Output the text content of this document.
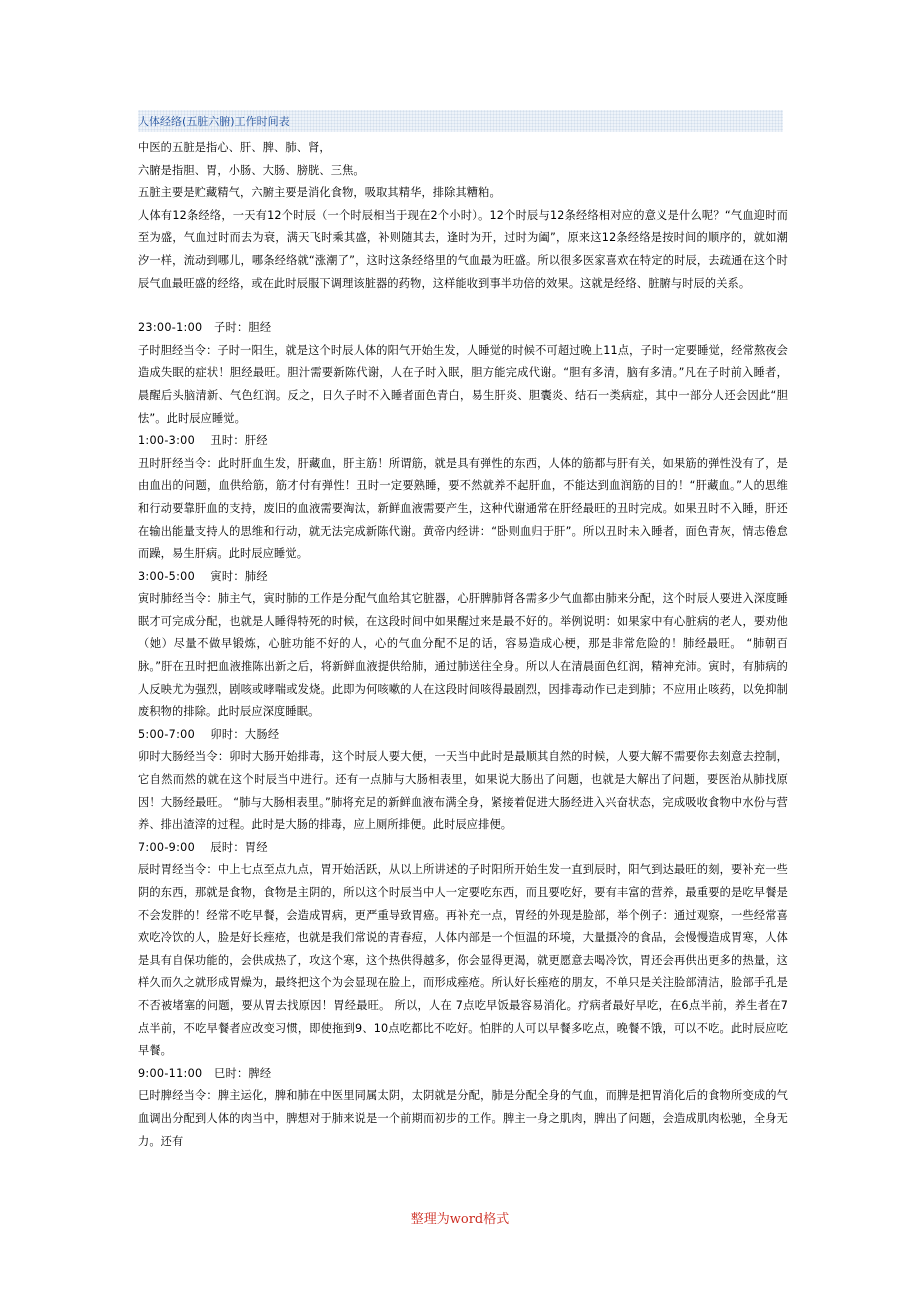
人体经络(五脏六腑)工作时间表

中医的五脏是指心、肝、脾、肺、肾，

六腑是指胆、胃，小肠、大肠、膀胱、三焦。

五脏主要是贮藏精气，六腑主要是消化食物，吸取其精华，排除其糟粕。

人体有12条经络，一天有12个时辰（一个时辰相当于现在2个小时）。12个时辰与12条经络相对应的意义是什么呢？“气血迎时而至为盛，气血过时而去为衰，满天飞时乘其盛，补则随其去，逢时为开，过时为阖”，原来这12条经络是按时间的顺序的，就如潮汐一样，流动到哪儿，哪条经络就“涨潮了”，这时这条经络里的气血最为旺盛。所以很多医家喜欢在特定的时辰，去疏通在这个时辰气血最旺盛的经络，或在此时辰服下调理该脏器的药物，这样能收到事半功倍的效果。这就是经络、脏腑与时辰的关系。

23:00-1:00   子时：胆经

子时胆经当令：子时一阳生，就是这个时辰人体的阳气开始生发，人睡觉的时候不可超过晚上11点，子时一定要睡觉，经常熬夜会造成失眠的症状！胆经最旺。胆汁需要新陈代谢，人在子时入眠，胆方能完成代谢。“胆有多清，脑有多清。”凡在子时前入睡者，晨醒后头脑清新、气色红润。反之，日久子时不入睡者面色青白，易生肝炎、胆囊炎、结石一类病症，其中一部分人还会因此“胆怯”。此时辰应睡觉。

1:00-3:00    丑时：肝经

丑时肝经当令：此时肝血生发，肝藏血，肝主筋！所谓筋，就是具有弹性的东西，人体的筋都与肝有关，如果筋的弹性没有了，是由血出的问题，血供给筋，筋才付有弹性！丑时一定要熟睡，要不然就养不起肝血，不能达到血润筋的目的！“肝藏血。”人的思维和行动要靠肝血的支持，废旧的血液需要淘汰，新鲜血液需要产生，这种代谢通常在肝经最旺的丑时完成。如果丑时不入睡，肝还在输出能量支持人的思维和行动，就无法完成新陈代谢。黄帝内经讲：“卧则血归于肝”。所以丑时未入睡者，面色青灰，情志倦怠而躁，易生肝病。此时辰应睡觉。

3:00-5:00    寅时：肺经

寅时肺经当令：肺主气，寅时肺的工作是分配气血给其它脏器，心肝脾肺肾各需多少气血都由肺来分配，这个时辰人要进入深度睡眠才可完成分配，也就是人睡得特死的时候，在这段时间中如果醒过来是最不好的。举例说明：如果家中有心脏病的老人，要劝他（她）尽量不做早锻炼，心脏功能不好的人，心的气血分配不足的话，容易造成心梗，那是非常危险的！肺经最旺。 “肺朝百脉。”肝在丑时把血液推陈出新之后，将新鲜血液提供给肺，通过肺送往全身。所以人在清晨面色红润，精神充沛。寅时，有肺病的人反映尤为强烈，剧咳或哮喘或发烧。此即为何咳嗽的人在这段时间咳得最剧烈，因排毒动作已走到肺；不应用止咳药，以免抑制废积物的排除。此时辰应深度睡眠。

5:00-7:00    卯时：大肠经

卯时大肠经当令：卯时大肠开始排毒，这个时辰人要大便，一天当中此时是最顺其自然的时候，人要大解不需要你去刻意去控制，它自然而然的就在这个时辰当中进行。还有一点肺与大肠相表里，如果说大肠出了问题，也就是大解出了问题，要医治从肺找原因！大肠经最旺。 “肺与大肠相表里。”肺将充足的新鲜血液布满全身，紧接着促进大肠经进入兴奋状态，完成吸收食物中水份与营养、排出渣滓的过程。此时是大肠的排毒，应上厕所排便。此时辰应排便。

7:00-9:00    辰时：胃经

辰时胃经当令：中上七点至点九点，胃开始活跃，从以上所讲述的子时阳所开始生发一直到辰时，阳气到达最旺的刻，要补充一些阴的东西，那就是食物，食物是主阴的，所以这个时辰当中人一定要吃东西，而且要吃好，要有丰富的营养，最重要的是吃早餐是不会发胖的！经常不吃早餐，会造成胃病，更严重导致胃癌。再补充一点，胃经的外现是脸部，举个例子：通过观察，一些经常喜欢吃冷饮的人，脸是好长痤疮，也就是我们常说的青春痘，人体内部是一个恒温的环境，大量摄冷的食品，会慢慢造成胃寒，人体是具有自保功能的，会供成热了，攻这个寒，这个热供得越多，你会显得更渴，就更愿意去喝冷饮，胃还会再供出更多的热量，这样久而久之就形成胃燥为，最终把这个为会显现在脸上，而形成痤疮。所认好长痤疮的朋友，不单只是关注脸部清洁，脸部手孔是不否被堵塞的问题，要从胃去找原因！胃经最旺。 所以，人在 7点吃早饭最容易消化。疗病者最好早吃，在6点半前，养生者在7点半前，不吃早餐者应改变习惯，即使拖到9、10点吃都比不吃好。怕胖的人可以早餐多吃点，晚餐不饿，可以不吃。此时辰应吃早餐。

9:00-11:00   巳时：脾经

巳时脾经当令：脾主运化，脾和肺在中医里同属太阴，太阴就是分配，肺是分配全身的气血，而脾是把胃消化后的食物所变成的气血调出分配到人体的肉当中，脾想对于肺来说是一个前期而初步的工作。脾主一身之肌肉，脾出了问题，会造成肌肉松驰，全身无力。还有

整理为word格式
